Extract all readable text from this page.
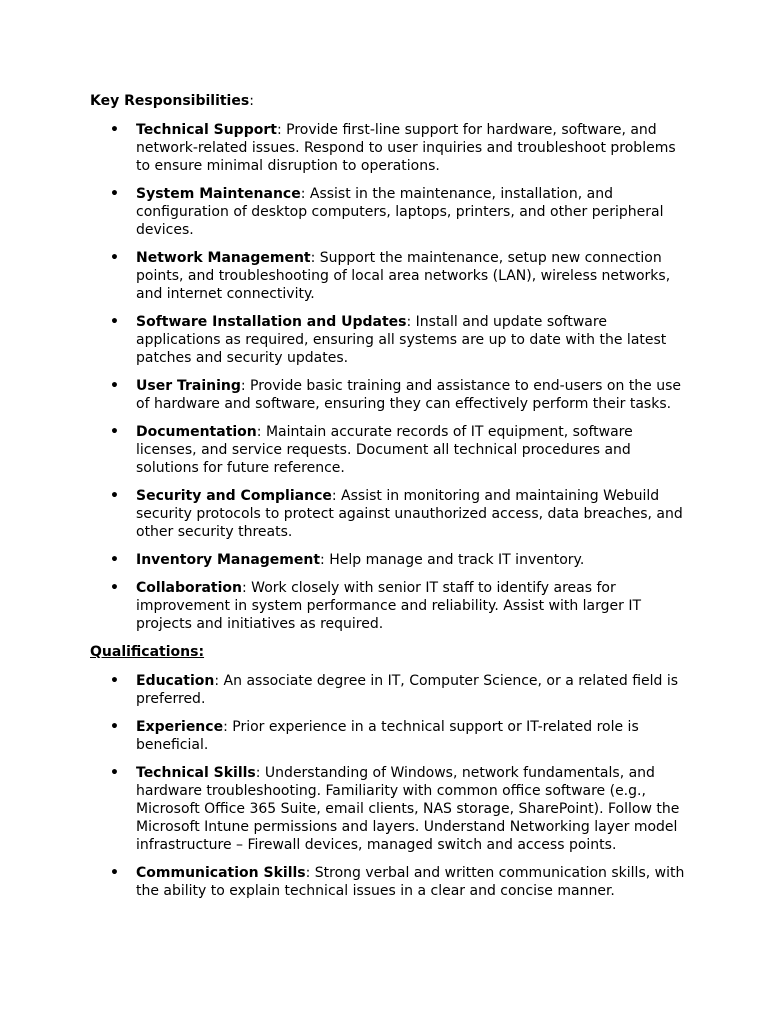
Key Responsibilities:

• Technical Support: Provide first-line support for hardware, software, and network-related issues. Respond to user inquiries and troubleshoot problems to ensure minimal disruption to operations.
• System Maintenance: Assist in the maintenance, installation, and configuration of desktop computers, laptops, printers, and other peripheral devices.
• Network Management: Support the maintenance, setup new connection points, and troubleshooting of local area networks (LAN), wireless networks, and internet connectivity.
• Software Installation and Updates: Install and update software applications as required, ensuring all systems are up to date with the latest patches and security updates.
• User Training: Provide basic training and assistance to end-users on the use of hardware and software, ensuring they can effectively perform their tasks.
• Documentation: Maintain accurate records of IT equipment, software licenses, and service requests. Document all technical procedures and solutions for future reference.
• Security and Compliance: Assist in monitoring and maintaining Webuild security protocols to protect against unauthorized access, data breaches, and other security threats.
• Inventory Management: Help manage and track IT inventory.
• Collaboration: Work closely with senior IT staff to identify areas for improvement in system performance and reliability. Assist with larger IT projects and initiatives as required.

Qualifications:

• Education: An associate degree in IT, Computer Science, or a related field is preferred.
• Experience: Prior experience in a technical support or IT-related role is beneficial.
• Technical Skills: Understanding of Windows, network fundamentals, and hardware troubleshooting. Familiarity with common office software (e.g., Microsoft Office 365 Suite, email clients, NAS storage, SharePoint). Follow the Microsoft Intune permissions and layers. Understand Networking layer model infrastructure – Firewall devices, managed switch and access points.
• Communication Skills: Strong verbal and written communication skills, with the ability to explain technical issues in a clear and concise manner.
